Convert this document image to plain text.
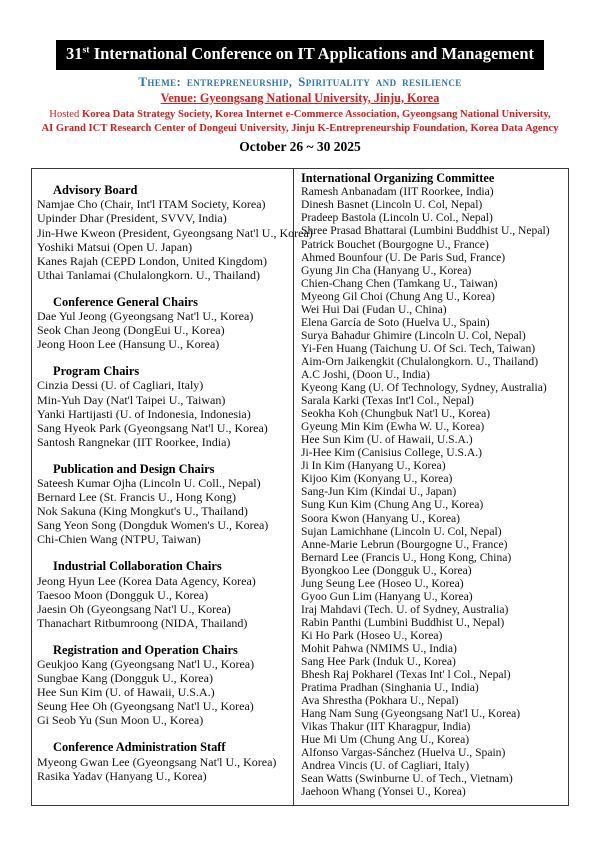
31st International Conference on IT Applications and Management
Theme: entrepreneurship, Spirituality and resilience
Venue: Gyeongsang National University, Jinju, Korea
Hosted Korea Data Strategy Society, Korea Internet e-Commerce Association, Gyeongsang National University,
AI Grand ICT Research Center of Dongeui University, Jinju K-Entrepreneurship Foundation, Korea Data Agency
October 26 ~ 30 2025
Advisory Board
Namjae Cho (Chair, Int'l ITAM Society, Korea)
Upinder Dhar (President, SVVV, India)
Jin-Hwe Kweon (President, Gyeongsang Nat'l U., Korea)
Yoshiki Matsui (Open U. Japan)
Kanes Rajah (CEPD London, United Kingdom)
Uthai Tanlamai (Chulalongkorn. U., Thailand)
Conference General Chairs
Dae Yul Jeong (Gyeongsang Nat'l U., Korea)
Seok Chan Jeong (DongEui U., Korea)
Jeong Hoon Lee (Hansung U., Korea)
Program Chairs
Cinzia Dessi (U. of Cagliari, Italy)
Min-Yuh Day (Nat'l Taipei U., Taiwan)
Yanki Hartijasti (U. of Indonesia, Indonesia)
Sang Hyeok Park (Gyeongsang Nat'l U., Korea)
Santosh Rangnekar (IIT Roorkee, India)
Publication and Design Chairs
Sateesh Kumar Ojha (Lincoln U. Coll., Nepal)
Bernard Lee (St. Francis U., Hong Kong)
Nok Sakuna (King Mongkut's U., Thailand)
Sang Yeon Song (Dongduk Women's U., Korea)
Chi-Chien Wang (NTPU, Taiwan)
Industrial Collaboration Chairs
Jeong Hyun Lee (Korea Data Agency, Korea)
Taesoo Moon (Dongguk U., Korea)
Jaesin Oh (Gyeongsang Nat'l U., Korea)
Thanachart Ritbumroong (NIDA, Thailand)
Registration and Operation Chairs
Geukjoo Kang (Gyeongsang Nat'l U., Korea)
Sungbae Kang (Dongguk U., Korea)
Hee Sun Kim (U. of Hawaii, U.S.A.)
Seung Hee Oh (Gyeongsang Nat'l U., Korea)
Gi Seob Yu (Sun Moon U., Korea)
Conference Administration Staff
Myeong Gwan Lee (Gyeongsang Nat'l U., Korea)
Rasika Yadav (Hanyang U., Korea)
International Organizing Committee
Ramesh Anbanadam (IIT Roorkee, India)
Dinesh Basnet (Lincoln U. Col, Nepal)
Pradeep Bastola (Lincoln U. Col., Nepal)
Shree Prasad Bhattarai (Lumbini Buddhist U., Nepal)
Patrick Bouchet (Bourgogne U., France)
Ahmed Bounfour (U. De Paris Sud, France)
Gyung Jin Cha (Hanyang U., Korea)
Chien-Chang Chen (Tamkang U., Taiwan)
Myeong Gil Choi (Chung Ang U., Korea)
Wei Hui Dai (Fudan U., China)
Elena García de Soto (Huelva U., Spain)
Surya Bahadur Ghimire (Lincoln U. Col, Nepal)
Yi-Fen Huang (Taichung U. Of Sci. Tech, Taiwan)
Aim-Orn Jaikengkit (Chulalongkorn. U., Thailand)
A.C Joshi, (Doon U., India)
Kyeong Kang (U. Of Technology, Sydney, Australia)
Sarala Karki (Texas Int'l Col., Nepal)
Seokha Koh (Chungbuk Nat'l U., Korea)
Gyeung Min Kim (Ewha W. U., Korea)
Hee Sun Kim (U. of Hawaii, U.S.A.)
Ji-Hee Kim (Canisius College, U.S.A.)
Ji In Kim (Hanyang U., Korea)
Kijoo Kim (Konyang U., Korea)
Sang-Jun Kim (Kindai U., Japan)
Sung Kun Kim (Chung Ang U., Korea)
Soora Kwon (Hanyang U., Korea)
Sujan Lamichhane (Lincoln U. Col, Nepal)
Anne-Marie Lebrun (Bourgogne U., France)
Bernard Lee (Francis U., Hong Kong, China)
Byongkoo Lee (Dongguk U., Korea)
Jung Seung Lee (Hoseo U., Korea)
Gyoo Gun Lim (Hanyang U., Korea)
Iraj Mahdavi (Tech. U. of Sydney, Australia)
Rabin Panthi (Lumbini Buddhist U., Nepal)
Ki Ho Park (Hoseo U., Korea)
Mohit Pahwa (NMIMS U., India)
Sang Hee Park (Induk U., Korea)
Bhesh Raj Pokharel (Texas Int' l Col., Nepal)
Pratima Pradhan (Singhania U., India)
Ava Shrestha (Pokhara U., Nepal)
Hang Nam Sung (Gyeongsang Nat'l U., Korea)
Vikas Thakur (IIT Kharagpur, India)
Hue Mi Um (Chung Ang U., Korea)
Alfonso Vargas-Sánchez (Huelva U., Spain)
Andrea Vincis (U. of Cagliari, Italy)
Sean Watts (Swinburne U. of Tech., Vietnam)
Jaehoon Whang (Yonsei U., Korea)
